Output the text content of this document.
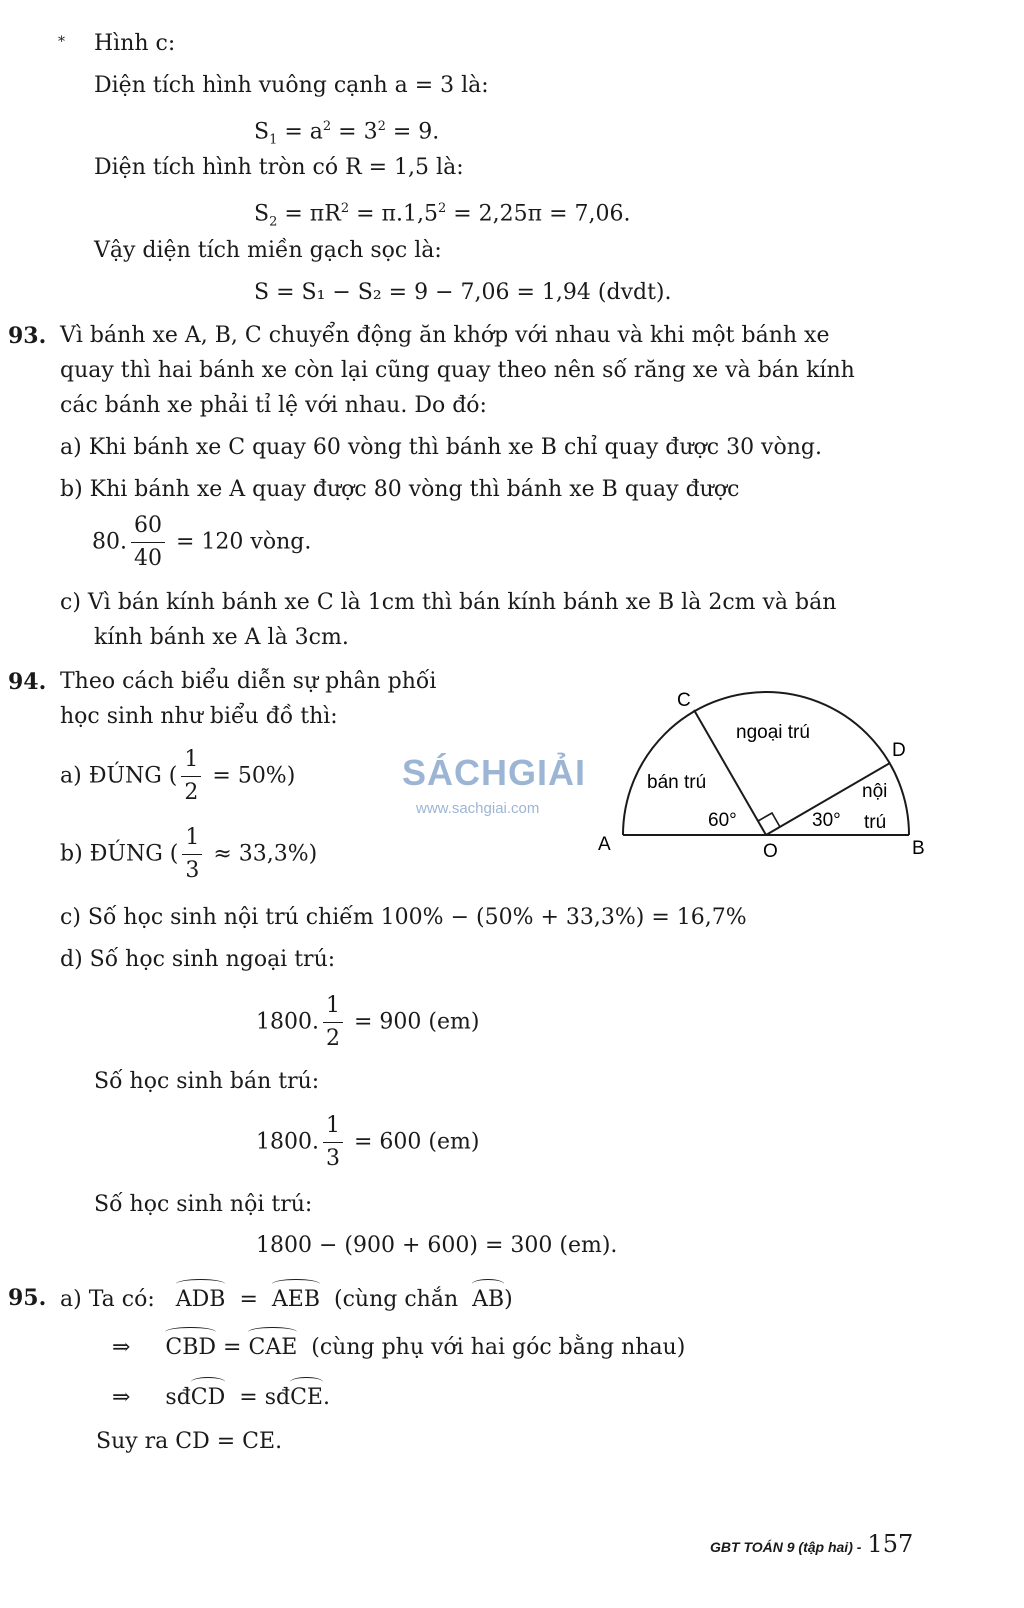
* Hình c:
Diện tích hình vuông cạnh a = 3 là:
$S_1 = a^2 = 3^2 = 9$.
Diện tích hình tròn có R = 1,5 là:
$S_2 = \pi R^2 = \pi.1,5^2 = 2,25\pi = 7,06$.
Vậy diện tích miền gạch sọc là:
S = S₁ − S₂ = 9 − 7,06 = 1,94 (dvdt).
93. Vì bánh xe A, B, C chuyển động ăn khớp với nhau và khi một bánh xe
quay thì hai bánh xe còn lại cũng quay theo nên số răng xe và bán kính
các bánh xe phải tỉ lệ với nhau. Do đó:
a) Khi bánh xe C quay 60 vòng thì bánh xe B chỉ quay được 30 vòng.
b) Khi bánh xe A quay được 80 vòng thì bánh xe B quay được
80. $\frac{60}{40} = 120$ vòng.
c) Vì bán kính bánh xe C là 1cm thì bán kính bánh xe B là 2cm và bán
kính bánh xe A là 3cm.
94. Theo cách biểu diễn sự phân phối
học sinh như biểu đồ thì:
a) ĐÚNG ( $\frac{1}{2} = 50\%$)
b) ĐÚNG ( $\frac{1}{3} \approx 33,3\%$)
c) Số học sinh nội trú chiếm 100% − (50% + 33,3%) = 16,7%
d) Số học sinh ngoại trú:
1800. $\frac{1}{2} = 900$ (em)
Số học sinh bán trú:
1800. $\frac{1}{3} = 600$ (em)
Số học sinh nội trú:
1800 − (900 + 600) = 300 (em).
C
D
A	O	B
ngoại trú
bán trú	nội
trú
60°	30°
SÁCHGIẢI
www.sachgiai.com
95. a) Ta có: ADB = AEB (cùng chắn AB)
⇒ CBD = CAE (cùng phụ với hai góc bằng nhau)
⇒ sđCD = sđCE.
Suy ra CD = CE.
GBT TOÁN 9 (tập hai) - 157
